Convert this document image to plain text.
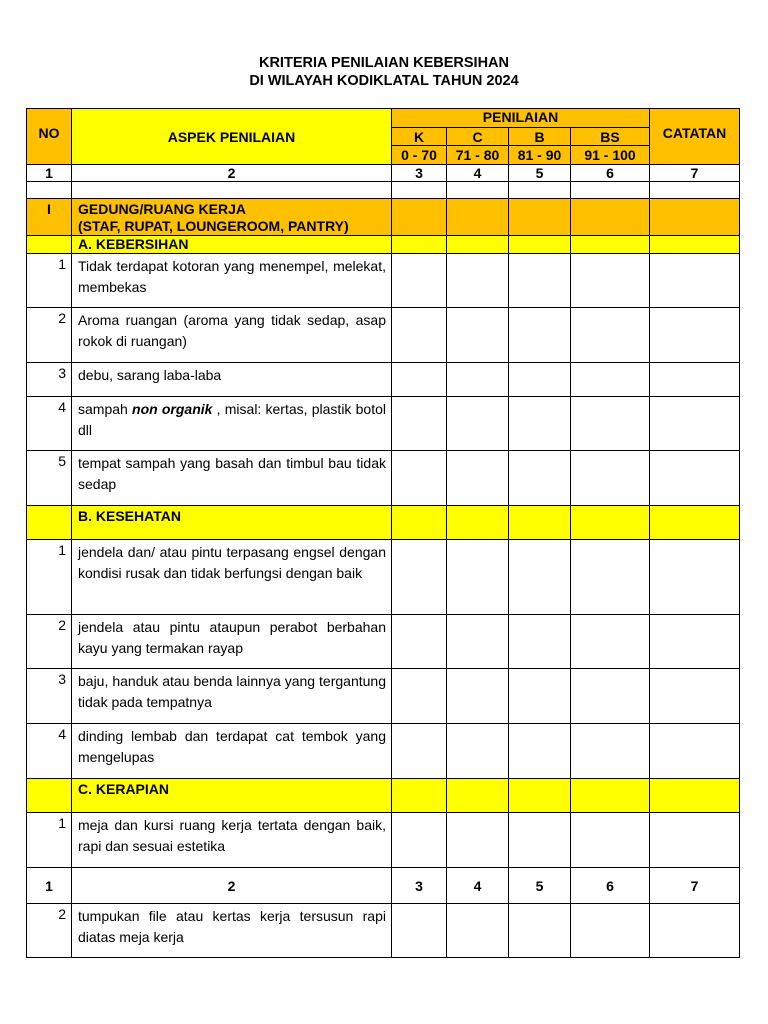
KRITERIA PENILAIAN KEBERSIHAN
DI WILAYAH KODIKLATAL TAHUN 2024
NO	ASPEK PENILAIAN	PENILAIAN				CATATAN
		K	C	B	BS	
		0 - 70	71 - 80	81 - 90	91 - 100	
1	2	3	4	5	6	7

I	GEDUNG/RUANG KERJA
(STAF, RUPAT, LOUNGEROOM, PANTRY)					

	A. KEBERSIHAN					
1	Tidak terdapat kotoran yang menempel, melekat, membekas					
2	Aroma ruangan (aroma yang tidak sedap, asap rokok di ruangan)					
3	debu, sarang laba-laba					
4	sampah non organik , misal: kertas, plastik botol dll					
5	tempat sampah yang basah dan timbul bau tidak sedap					
	B. KESEHATAN					
1	jendela dan/ atau pintu terpasang engsel dengan kondisi rusak dan tidak berfungsi dengan baik					
2	jendela atau pintu ataupun perabot berbahan kayu yang termakan rayap					
3	baju, handuk atau benda lainnya yang tergantung tidak pada tempatnya					
4	dinding lembab dan terdapat cat tembok yang mengelupas					
	C. KERAPIAN					
1	meja dan kursi ruang kerja tertata dengan baik, rapi dan sesuai estetika					
1	2	3	4	5	6	7
2	tumpukan file atau kertas kerja tersusun rapi diatas meja kerja					
